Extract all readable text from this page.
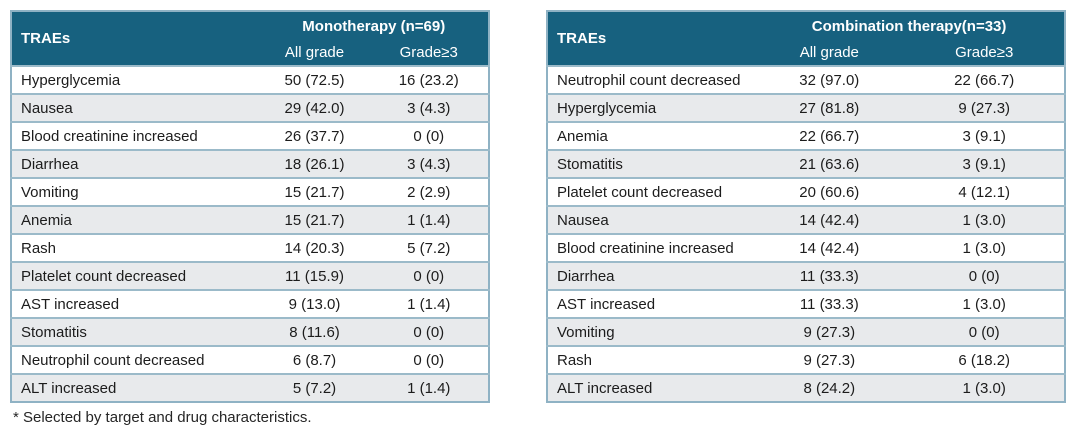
TRAEs	Monotherapy (n=69)	
	All grade	Grade≥3
Hyperglycemia	50 (72.5)	16 (23.2)
Nausea	29 (42.0)	3 (4.3)
Blood creatinine increased	26 (37.7)	0 (0)
Diarrhea	18 (26.1)	3 (4.3)
Vomiting	15 (21.7)	2 (2.9)
Anemia	15 (21.7)	1 (1.4)
Rash	14 (20.3)	5 (7.2)
Platelet count decreased	11 (15.9)	0 (0)
AST increased	9 (13.0)	1 (1.4)
Stomatitis	8 (11.6)	0 (0)
Neutrophil count decreased	6 (8.7)	0 (0)
ALT increased	5 (7.2)	1 (1.4)
TRAEs	Combination therapy(n=33)	
	All grade	Grade≥3
Neutrophil count decreased	32 (97.0)	22 (66.7)
Hyperglycemia	27 (81.8)	9 (27.3)
Anemia	22 (66.7)	3 (9.1)
Stomatitis	21 (63.6)	3 (9.1)
Platelet count decreased	20 (60.6)	4 (12.1)
Nausea	14 (42.4)	1 (3.0)
Blood creatinine increased	14 (42.4)	1 (3.0)
Diarrhea	11 (33.3)	0 (0)
AST increased	11 (33.3)	1 (3.0)
Vomiting	9 (27.3)	0 (0)
Rash	9 (27.3)	6 (18.2)
ALT increased	8 (24.2)	1 (3.0)
* Selected by target and drug characteristics.
